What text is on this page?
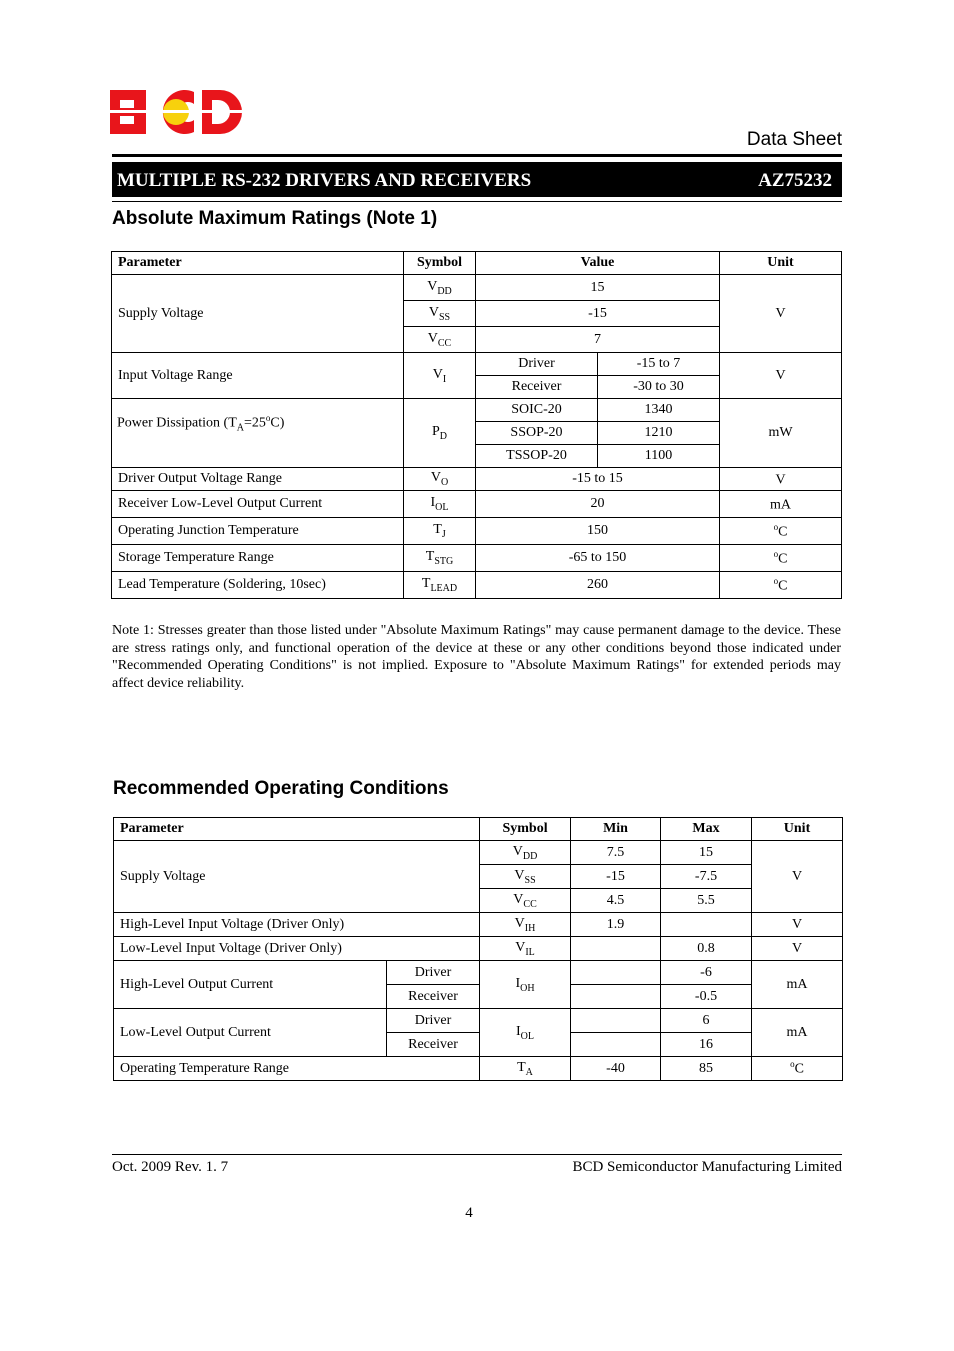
Data Sheet
MULTIPLE RS-232 DRIVERS AND RECEIVERS	AZ75232
Absolute Maximum Ratings (Note 1)
Parameter	Symbol	Value		Unit
Supply Voltage	$V_{DD}$	15		V
	$V_{SS}$	-15		
	$V_{CC}$	7		
Input Voltage Range	$V_I$	Driver	-15 to 7	V
		Receiver	-30 to 30	
Power Dissipation $(T_A=25^oC)$	$P_D$	SOIC-20	1340	mW
		SSOP-20	1210	
		TSSOP-20	1100	
Driver Output Voltage Range	$V_O$	-15 to 15		V
Receiver Low-Level Output Current	$I_{OL}$	20		mA
Operating Junction Temperature	$T_J$	150		$^o$C
Storage Temperature Range	$T_{STG}$	-65 to 150		$^o$C
Lead Temperature (Soldering, 10sec)	$T_{LEAD}$	260		$^o$C
Note 1: Stresses greater than those listed under "Absolute Maximum Ratings" may cause permanent damage to the device. These are stress ratings only, and functional operation of the device at these or any other conditions beyond those indicated under "Recommended Operating Conditions" is not implied. Exposure to "Absolute Maximum Ratings" for extended periods may affect device reliability.
Recommended Operating Conditions
Parameter		Symbol	Min	Max	Unit
Supply Voltage		$V_{DD}$	7.5	15	V
		$V_{SS}$	-15	-7.5	
		$V_{CC}$	4.5	5.5	
High-Level Input Voltage (Driver Only)		$V_{IH}$	1.9		V
Low-Level Input Voltage (Driver Only)		$V_{IL}$		0.8	V
High-Level Output Current	Driver	$I_{OH}$		-6	mA
	Receiver			-0.5	
Low-Level Output Current	Driver	$I_{OL}$		6	mA
	Receiver			16	
Operating Temperature Range		$T_A$	-40	85	$^o$C
Oct. 2009 Rev. 1. 7	BCD Semiconductor Manufacturing Limited
4
